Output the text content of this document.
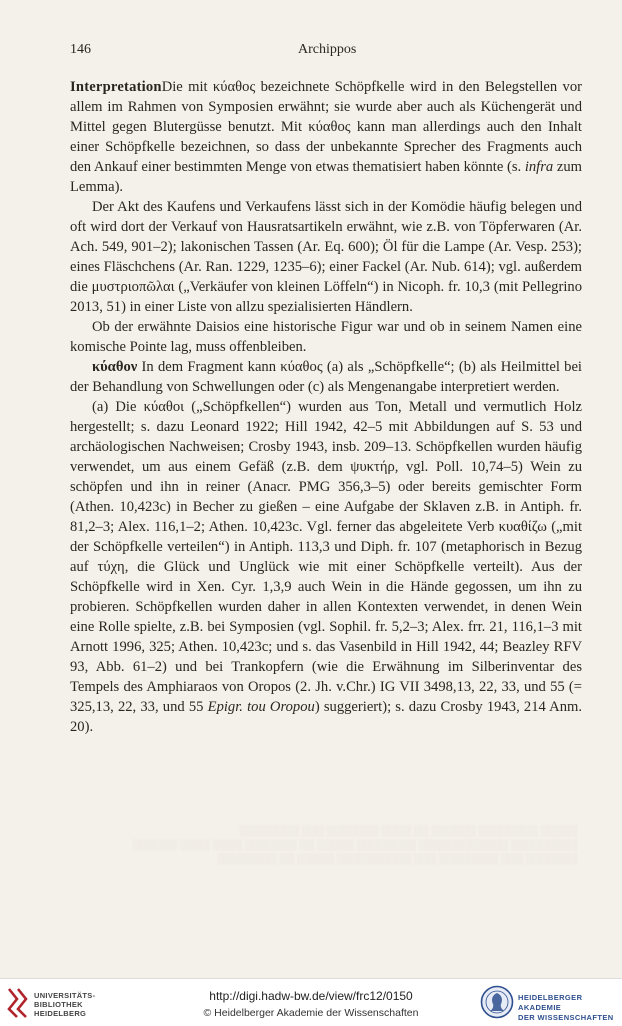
146	Archippos

InterpretationDie mit κύαθος bezeichnete Schöpfkelle wird in den Belegstellen vor allem im Rahmen von Symposien erwähnt; sie wurde aber auch als Küchengerät und Mittel gegen Blutergüsse benutzt. Mit κύαθος kann man allerdings auch den Inhalt einer Schöpfkelle bezeichnen, so dass der unbekannte Sprecher des Fragments auch den Ankauf einer bestimmten Menge von etwas thematisiert haben könnte (s. infra zum Lemma).

Der Akt des Kaufens und Verkaufens lässt sich in der Komödie häufig belegen und oft wird dort der Verkauf von Hausratsartikeln erwähnt, wie z.B. von Töpferwaren (Ar. Ach. 549, 901–2); lakonischen Tassen (Ar. Eq. 600); Öl für die Lampe (Ar. Vesp. 253); eines Fläschchens (Ar. Ran. 1229, 1235–6); einer Fackel (Ar. Nub. 614); vgl. außerdem die μυστριοπῶλαι („Verkäufer von kleinen Löffeln“) in Nicoph. fr. 10,3 (mit Pellegrino 2013, 51) in einer Liste von allzu spezialisierten Händlern.

Ob der erwähnte Daisios eine historische Figur war und ob in seinem Namen eine komische Pointe lag, muss offenbleiben.

κύαθον In dem Fragment kann κύαθος (a) als „Schöpfkelle“; (b) als Heilmittel bei der Behandlung von Schwellungen oder (c) als Mengenangabe interpretiert werden.

(a) Die κύαθοι („Schöpfkellen“) wurden aus Ton, Metall und vermutlich Holz hergestellt; s. dazu Leonard 1922; Hill 1942, 42–5 mit Abbildungen auf S. 53 und archäologischen Nachweisen; Crosby 1943, insb. 209–13. Schöpfkellen wurden häufig verwendet, um aus einem Gefäß (z.B. dem ψυκτήρ, vgl. Poll. 10,74–5) Wein zu schöpfen und ihn in reiner (Anacr. PMG 356,3–5) oder bereits gemischter Form (Athen. 10,423c) in Becher zu gießen – eine Aufgabe der Sklaven z.B. in Antiph. fr. 81,2–3; Alex. 116,1–2; Athen. 10,423c. Vgl. ferner das abgeleitete Verb κυαθίζω („mit der Schöpfkelle verteilen“) in Antiph. 113,3 und Diph. fr. 107 (metaphorisch in Bezug auf τύχη, die Glück und Unglück wie mit einer Schöpfkelle verteilt). Aus der Schöpfkelle wird in Xen. Cyr. 1,3,9 auch Wein in die Hände gegossen, um ihn zu probieren. Schöpfkellen wurden daher in allen Kontexten verwendet, in denen Wein eine Rolle spielte, z.B. bei Symposien (vgl. Sophil. fr. 5,2–3; Alex. frr. 21, 116,1–3 mit Arnott 1996, 325; Athen. 10,423c; und s. das Vasenbild in Hill 1942, 44; Beazley RFV 93, Abb. 61–2) und bei Trankopfern (wie die Erwähnung im Silberinventar des Tempels des Amphiaraos von Oropos (2. Jh. v.Chr.) IG VII 3498,13, 22, 33, und 55 (= 325,13, 22, 33, und 55 Epigr. tou Oropou) suggeriert); s. dazu Crosby 1943, 214 Anm. 20).

░░░░░ ░░░░░░░░ ░░░░░░ ░░ ░░░░ ░░░░░░░ ░░░ ░░░░░░░░
░░░░░░░░░ ░░░░░░░░░░░░ ░░░░░░░░ ░░░░░ ░░ ░░░░░░░ ░░░░ ░░░░ ░░░░░░
░░░░░░░ ░░░ ░░░░░░░░ ░░░ ░░░░░░░░░░ ░░░░░ ░░ ░░░░░░░░
UNIVERSITÄTS-
BIBLIOTHEK
HEIDELBERG
http://digi.hadw-bw.de/view/frc12/0150
© Heidelberger Akademie der Wissenschaften
HEIDELBERGER AKADEMIE
DER WISSENSCHAFTEN
